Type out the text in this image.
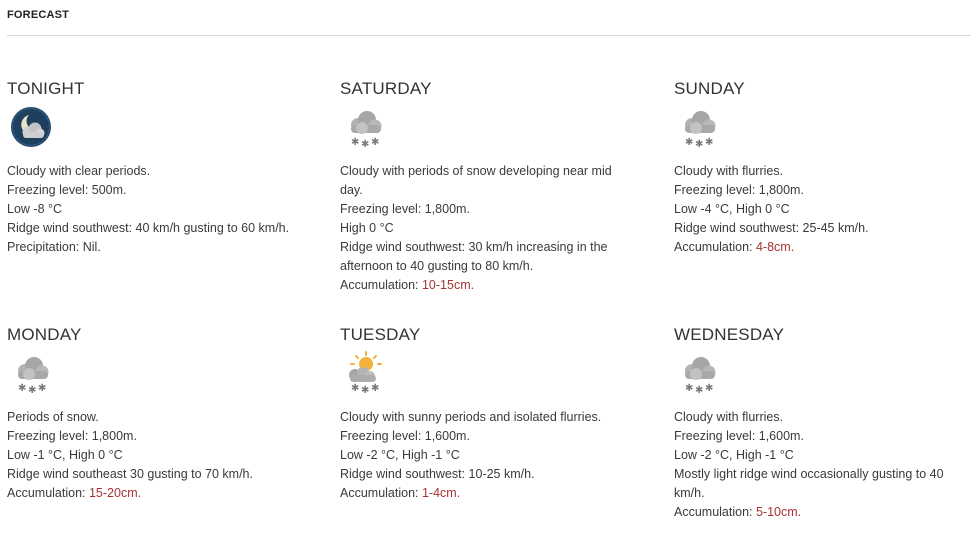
FORECAST
TONIGHT
Cloudy with clear periods.
Freezing level: 500m.
Low -8 °C
Ridge wind southwest: 40 km/h gusting to 60 km/h.
Precipitation: Nil.
SATURDAY
Cloudy with periods of snow developing near mid
day.
Freezing level: 1,800m.
High 0 °C
Ridge wind southwest: 30 km/h increasing in the
afternoon to 40 gusting to 80 km/h.
Accumulation: 10-15cm.
SUNDAY
Cloudy with flurries.
Freezing level: 1,800m.
Low -4 °C, High 0 °C
Ridge wind southwest: 25-45 km/h.
Accumulation: 4-8cm.
MONDAY
Periods of snow.
Freezing level: 1,800m.
Low -1 °C, High 0 °C
Ridge wind southeast 30 gusting to 70 km/h.
Accumulation: 15-20cm.
TUESDAY
Cloudy with sunny periods and isolated flurries.
Freezing level: 1,600m.
Low -2 °C, High -1 °C
Ridge wind southwest: 10-25 km/h.
Accumulation: 1-4cm.
WEDNESDAY
Cloudy with flurries.
Freezing level: 1,600m.
Low -2 °C, High -1 °C
Mostly light ridge wind occasionally gusting to 40
km/h.
Accumulation: 5-10cm.
